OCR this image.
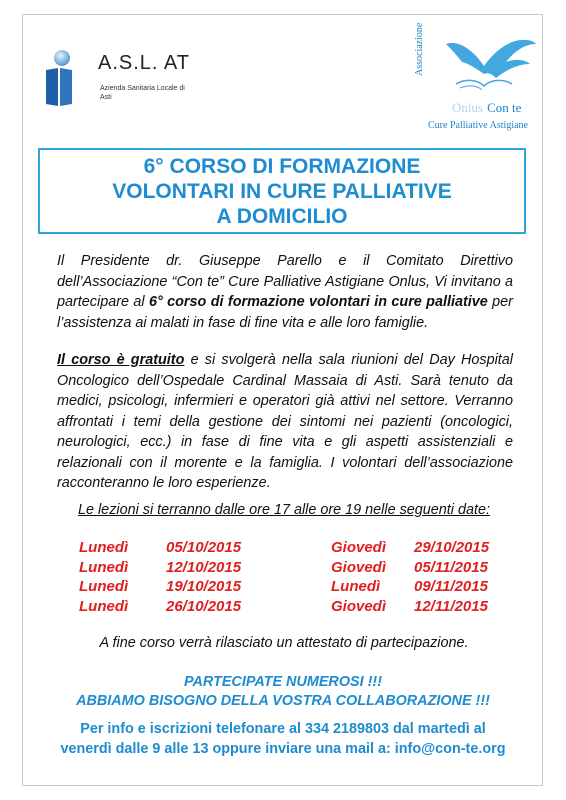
A.S.L. AT
Azienda Sanitaria Locale di Asti
Associazione
Onlus Con te
Cure Palliative Astigiane
6° CORSO DI FORMAZIONE
VOLONTARI IN CURE PALLIATIVE
A DOMICILIO
Il Presidente dr. Giuseppe Parello e il Comitato Direttivo dell’Associazione “Con te” Cure Palliative Astigiane Onlus, Vi invitano a partecipare al 6° corso di formazione volontari in cure palliative per l’assistenza ai malati in fase di fine vita e alle loro famiglie.
Il corso è gratuito e si svolgerà nella sala riunioni del Day Hospital Oncologico dell’Ospedale Cardinal Massaia di Asti. Sarà tenuto da medici, psicologi, infermieri e operatori già attivi nel settore. Verranno affrontati i temi della gestione dei sintomi nei pazienti (oncologici, neurologici, ecc.) in fase di fine vita e gli aspetti assistenziali e relazionali con il morente e la famiglia. I volontari dell’associazione racconteranno le loro esperienze.
Le lezioni si terranno dalle ore 17 alle ore 19 nelle seguenti date:
Lunedì	05/10/2015
Lunedì	12/10/2015
Lunedì	19/10/2015
Lunedì	26/10/2015
Giovedì 29/10/2015
Giovedì 05/11/2015
Lunedì 09/11/2015
Giovedì 12/11/2015
A fine corso verrà rilasciato un attestato di partecipazione.
PARTECIPATE NUMEROSI !!!
ABBIAMO BISOGNO DELLA VOSTRA COLLABORAZIONE !!!
Per info e iscrizioni telefonare al 334 2189803 dal martedì al
venerdì dalle 9 alle 13 oppure inviare una mail a: info@con-te.org
